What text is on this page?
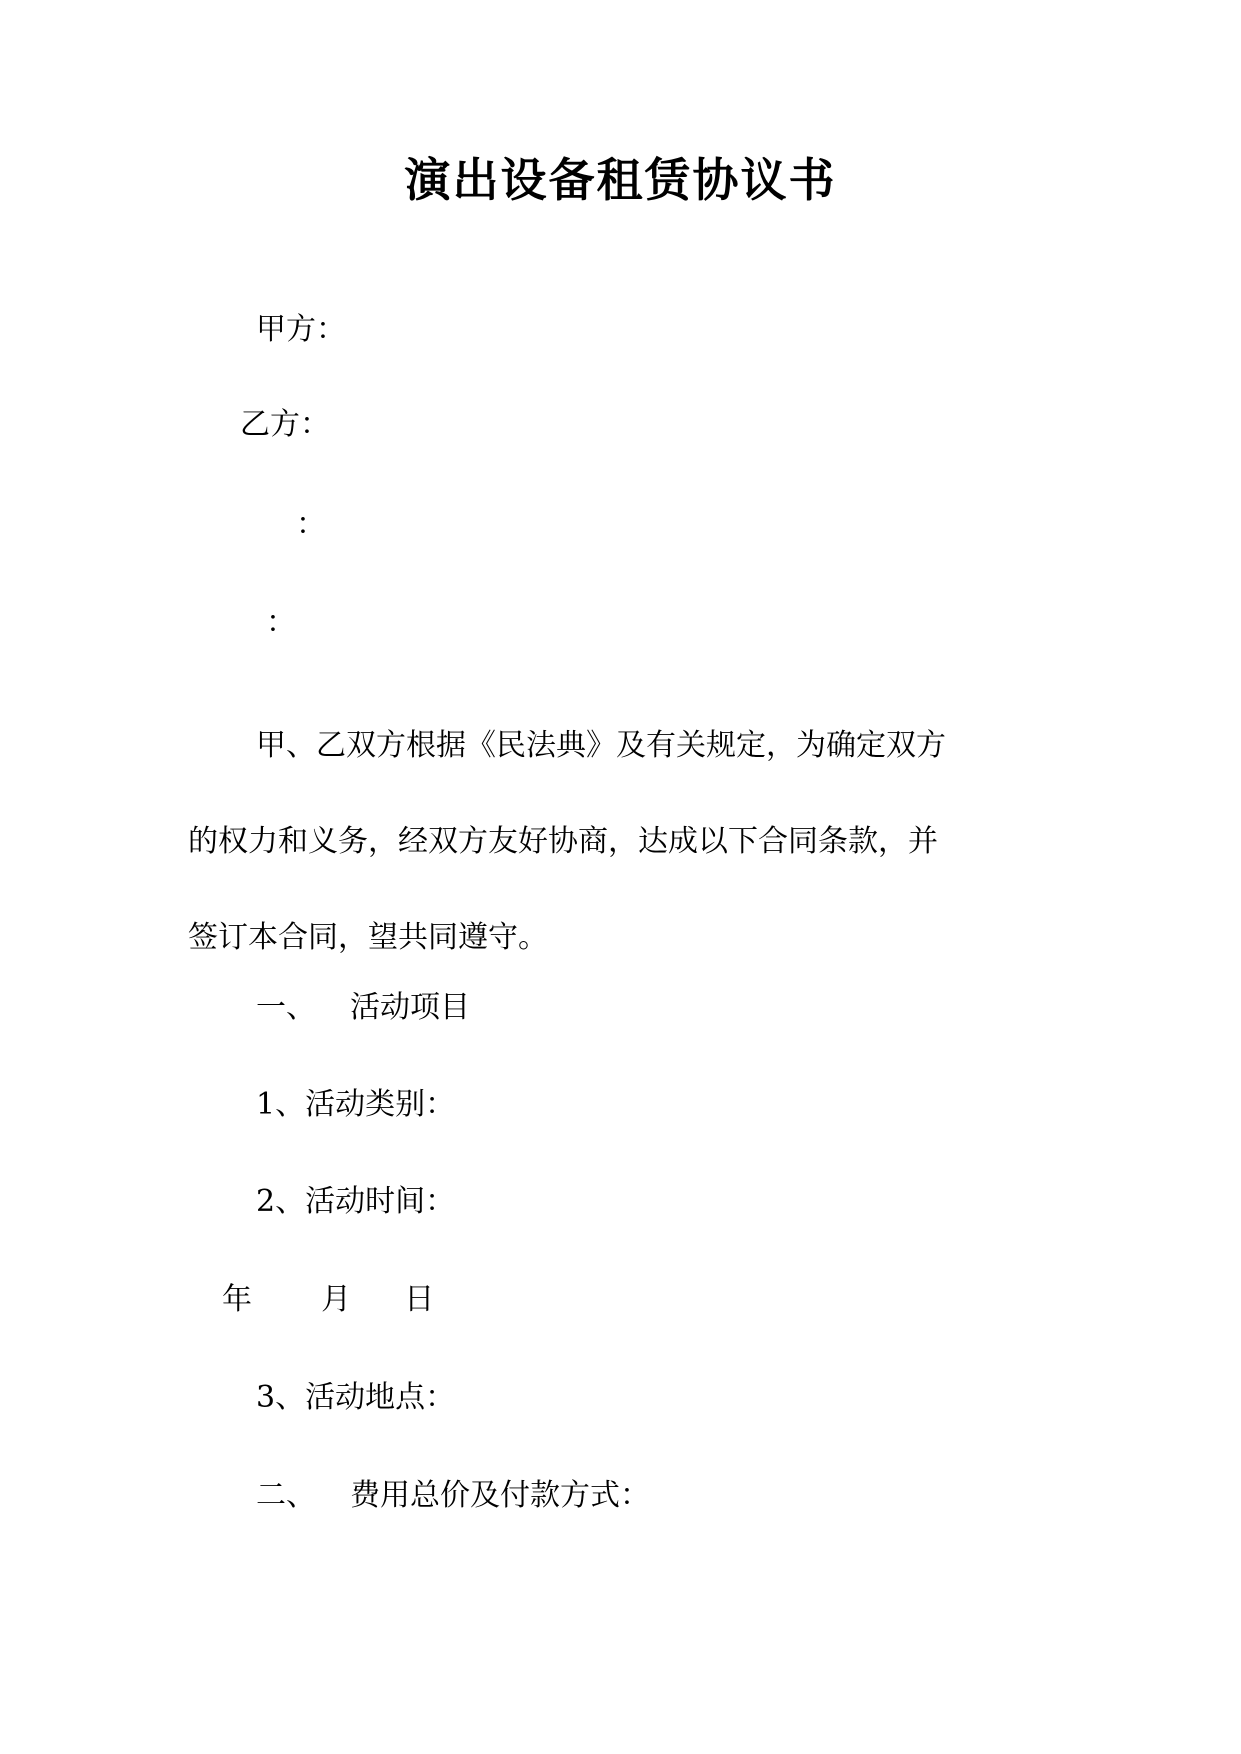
演出设备租赁协议书
甲方：
乙方：
：
：
甲、乙双方根据《民法典》及有关规定，为确定双方
的权力和义务，经双方友好协商，达成以下合同条款，并
签订本合同，望共同遵守。
一、 活动项目
1、活动类别：
2、活动时间：
年 月 日
3、活动地点：
二、 费用总价及付款方式：
